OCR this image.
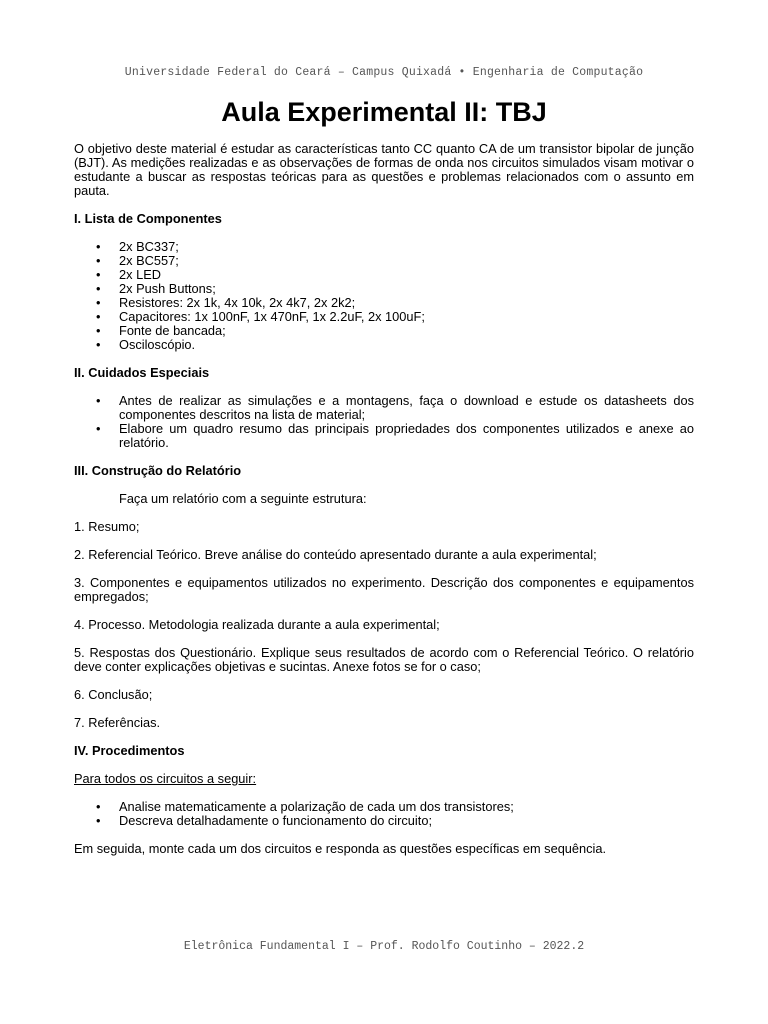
Universidade Federal do Ceará – Campus Quixadá • Engenharia de Computação
Aula Experimental II: TBJ

O objetivo deste material é estudar as características tanto CC quanto CA de um transistor bipolar de junção (BJT). As medições realizadas e as observações de formas de onda nos circuitos simulados visam motivar o estudante a buscar as respostas teóricas para as questões e problemas relacionados com o assunto em pauta.

I. Lista de Componentes

• 2x BC337;
• 2x BC557;
• 2x LED
• 2x Push Buttons;
• Resistores: 2x 1k, 4x 10k, 2x 4k7, 2x 2k2;
• Capacitores: 1x 100nF, 1x 470nF, 1x 2.2uF, 2x 100uF;
• Fonte de bancada;
• Osciloscópio.

II. Cuidados Especiais

• Antes de realizar as simulações e a montagens, faça o download e estude os datasheets dos componentes descritos na lista de material;
• Elabore um quadro resumo das principais propriedades dos componentes utilizados e anexe ao relatório.

III. Construção do Relatório

Faça um relatório com a seguinte estrutura:

1. Resumo;

2. Referencial Teórico. Breve análise do conteúdo apresentado durante a aula experimental;

3. Componentes e equipamentos utilizados no experimento. Descrição dos componentes e equipamentos empregados;

4. Processo. Metodologia realizada durante a aula experimental;

5. Respostas dos Questionário. Explique seus resultados de acordo com o Referencial Teórico. O relatório deve conter explicações objetivas e sucintas. Anexe fotos se for o caso;

6. Conclusão;

7. Referências.

IV. Procedimentos

Para todos os circuitos a seguir:

• Analise matematicamente a polarização de cada um dos transistores;
• Descreva detalhadamente o funcionamento do circuito;

Em seguida, monte cada um dos circuitos e responda as questões específicas em sequência.

Eletrônica Fundamental I – Prof. Rodolfo Coutinho – 2022.2
